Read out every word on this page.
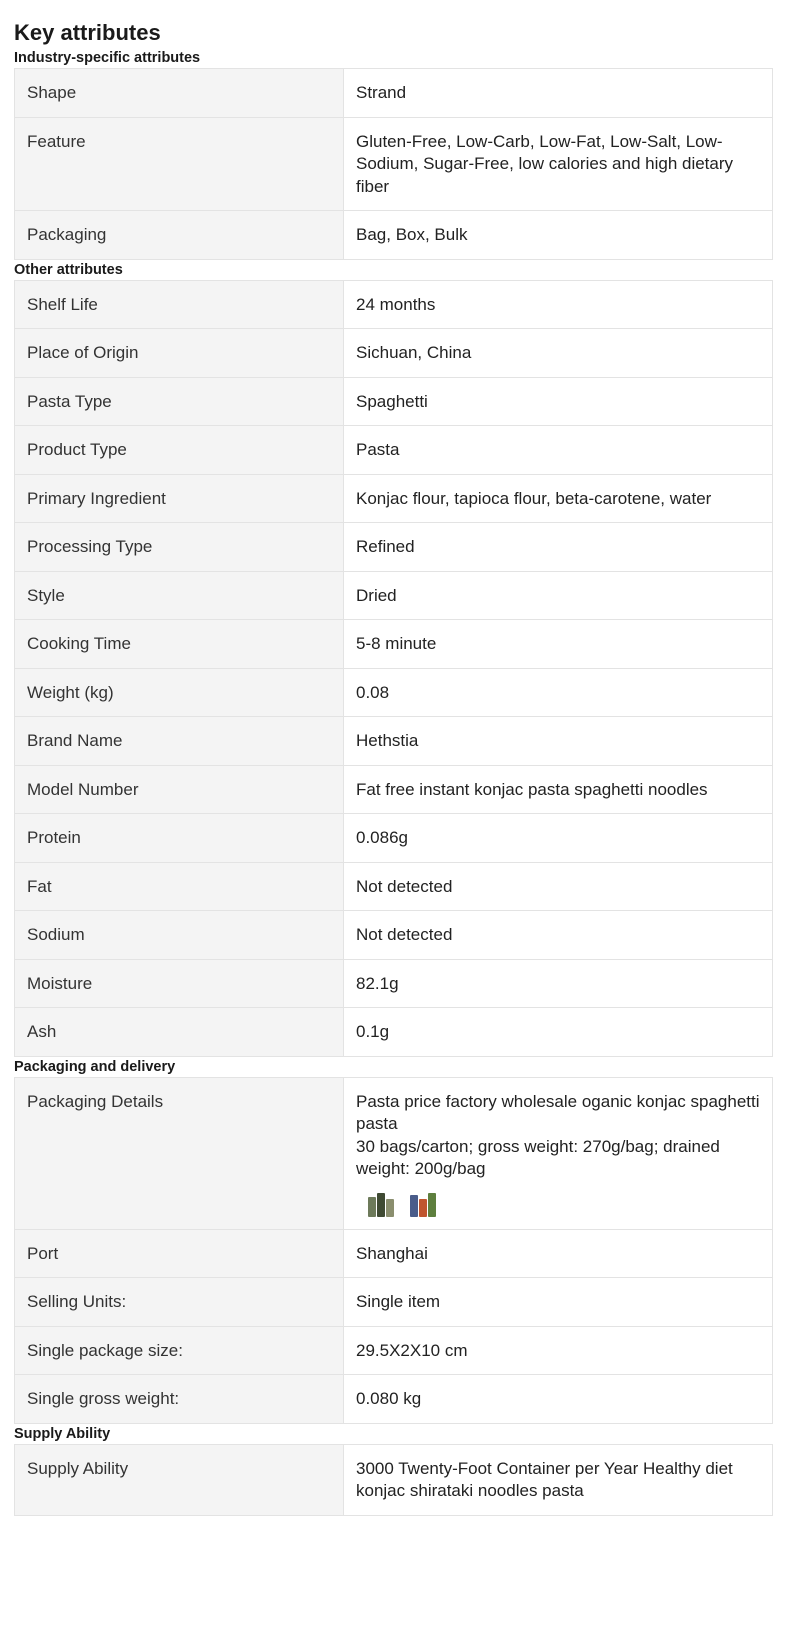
Key attributes
Industry-specific attributes
Shape	Strand
Feature	Gluten-Free, Low-Carb, Low-Fat, Low-Salt, Low-Sodium, Sugar-Free, low calories and high dietary fiber
Packaging	Bag, Box, Bulk
Other attributes
Shelf Life	24 months
Place of Origin	Sichuan, China
Pasta Type	Spaghetti
Product Type	Pasta
Primary Ingredient	Konjac flour, tapioca flour, beta-carotene, water
Processing Type	Refined
Style	Dried
Cooking Time	5-8 minute
Weight (kg)	0.08
Brand Name	Hethstia
Model Number	Fat free instant konjac pasta spaghetti noodles
Protein	0.086g
Fat	Not detected
Sodium	Not detected
Moisture	82.1g
Ash	0.1g
Packaging and delivery
Packaging Details	Pasta price factory wholesale oganic konjac spaghetti pasta
30 bags/carton; gross weight: 270g/bag; drained weight: 200g/bag

Port	Shanghai
Selling Units:	Single item
Single package size:	29.5X2X10 cm
Single gross weight:	0.080 kg
Supply Ability
Supply Ability	3000 Twenty-Foot Container per Year Healthy diet konjac shirataki noodles pasta
